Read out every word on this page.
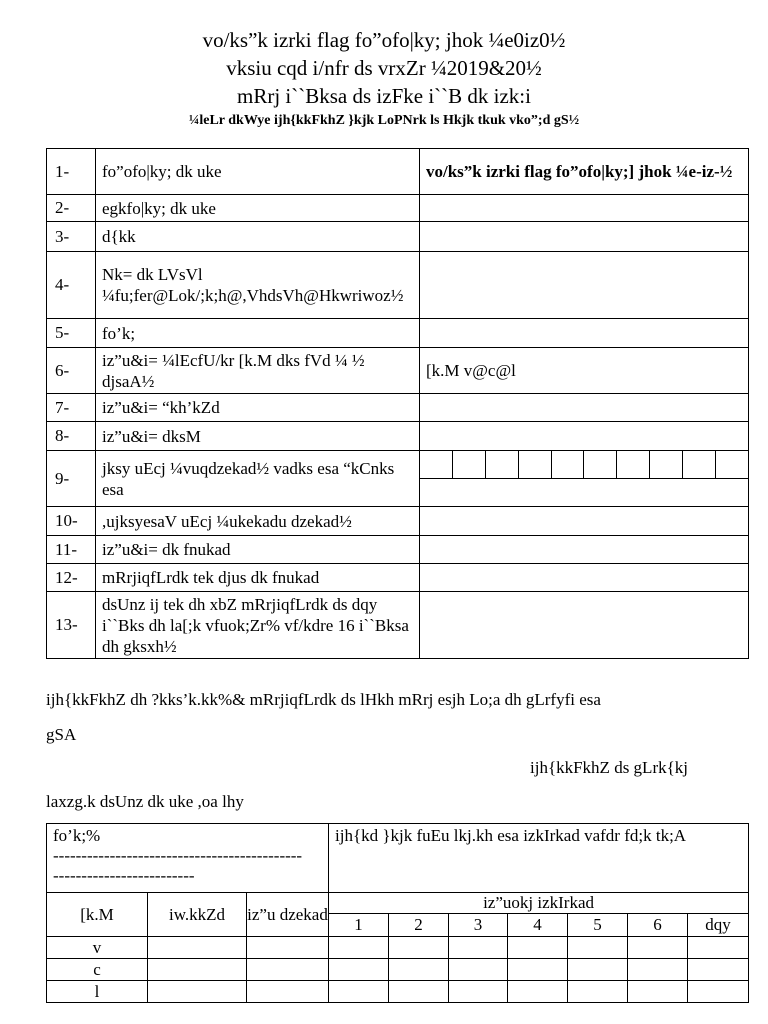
vo/ks”k izrki flag fo”ofo|ky; jhok ¼e0iz0½
vksiu cqd i/nfr ds vrxZr ¼2019&20½
mRrj i``Bksa ds izFke i``B dk izk:i
¼leLr dkWye ijh{kkFkhZ }kjk LoPNrk ls Hkjk tkuk vko”;d gS½
1-	fo”ofo|ky; dk uke	vo/ks”k izrki flag fo”ofo|ky;] jhok ¼e-iz-½
2-	egkfo|ky; dk uke	
3-	d{kk	
4-	Nk= dk LVsVl ¼fu;fer@Lok/;k;h@,VhdsVh@Hkwriwoz½	
5-	fo’k;	
6-	iz”u&i= ¼lEcfU/kr [k.M dks fVd ¼ ½ djsaA½	[k.M v@c@l
7-	iz”u&i= “kh’kZd	
8-	iz”u&i= dksM	
9-	jksy uEcj ¼vuqdzekad½ vadks esa “kCnks esa	

10-	,ujksyesaV uEcj ¼ukekadu dzekad½	
11-	iz”u&i= dk fnukad	
12-	mRrjiqfLrdk tek djus dk fnukad	
13-	dsUnz ij tek dh xbZ mRrjiqfLrdk ds dqy i``Bks dh la[;k vfuok;Zr% vf/kdre 16 i``Bksa dh gksxh½	
ijh{kkFkhZ dh ?kks’k.kk%& mRrjiqfLrdk ds lHkh mRrj esjh Lo;a dh gLrfyfi esa
gSA
ijh{kkFkhZ ds gLrk{kj
laxzg.k dsUnz dk uke ,oa lhy
fo’k;%
--------------------------------------------
-------------------------			ijh{kd }kjk fuEu lkj.kh esa izkIrkad vafdr fd;k tk;A						
[k.M	iw.kkZd	iz”u dzekad	iz”uokj izkIrkad						
			1	2	3	4	5	6	dqy
v									
c									
l									
